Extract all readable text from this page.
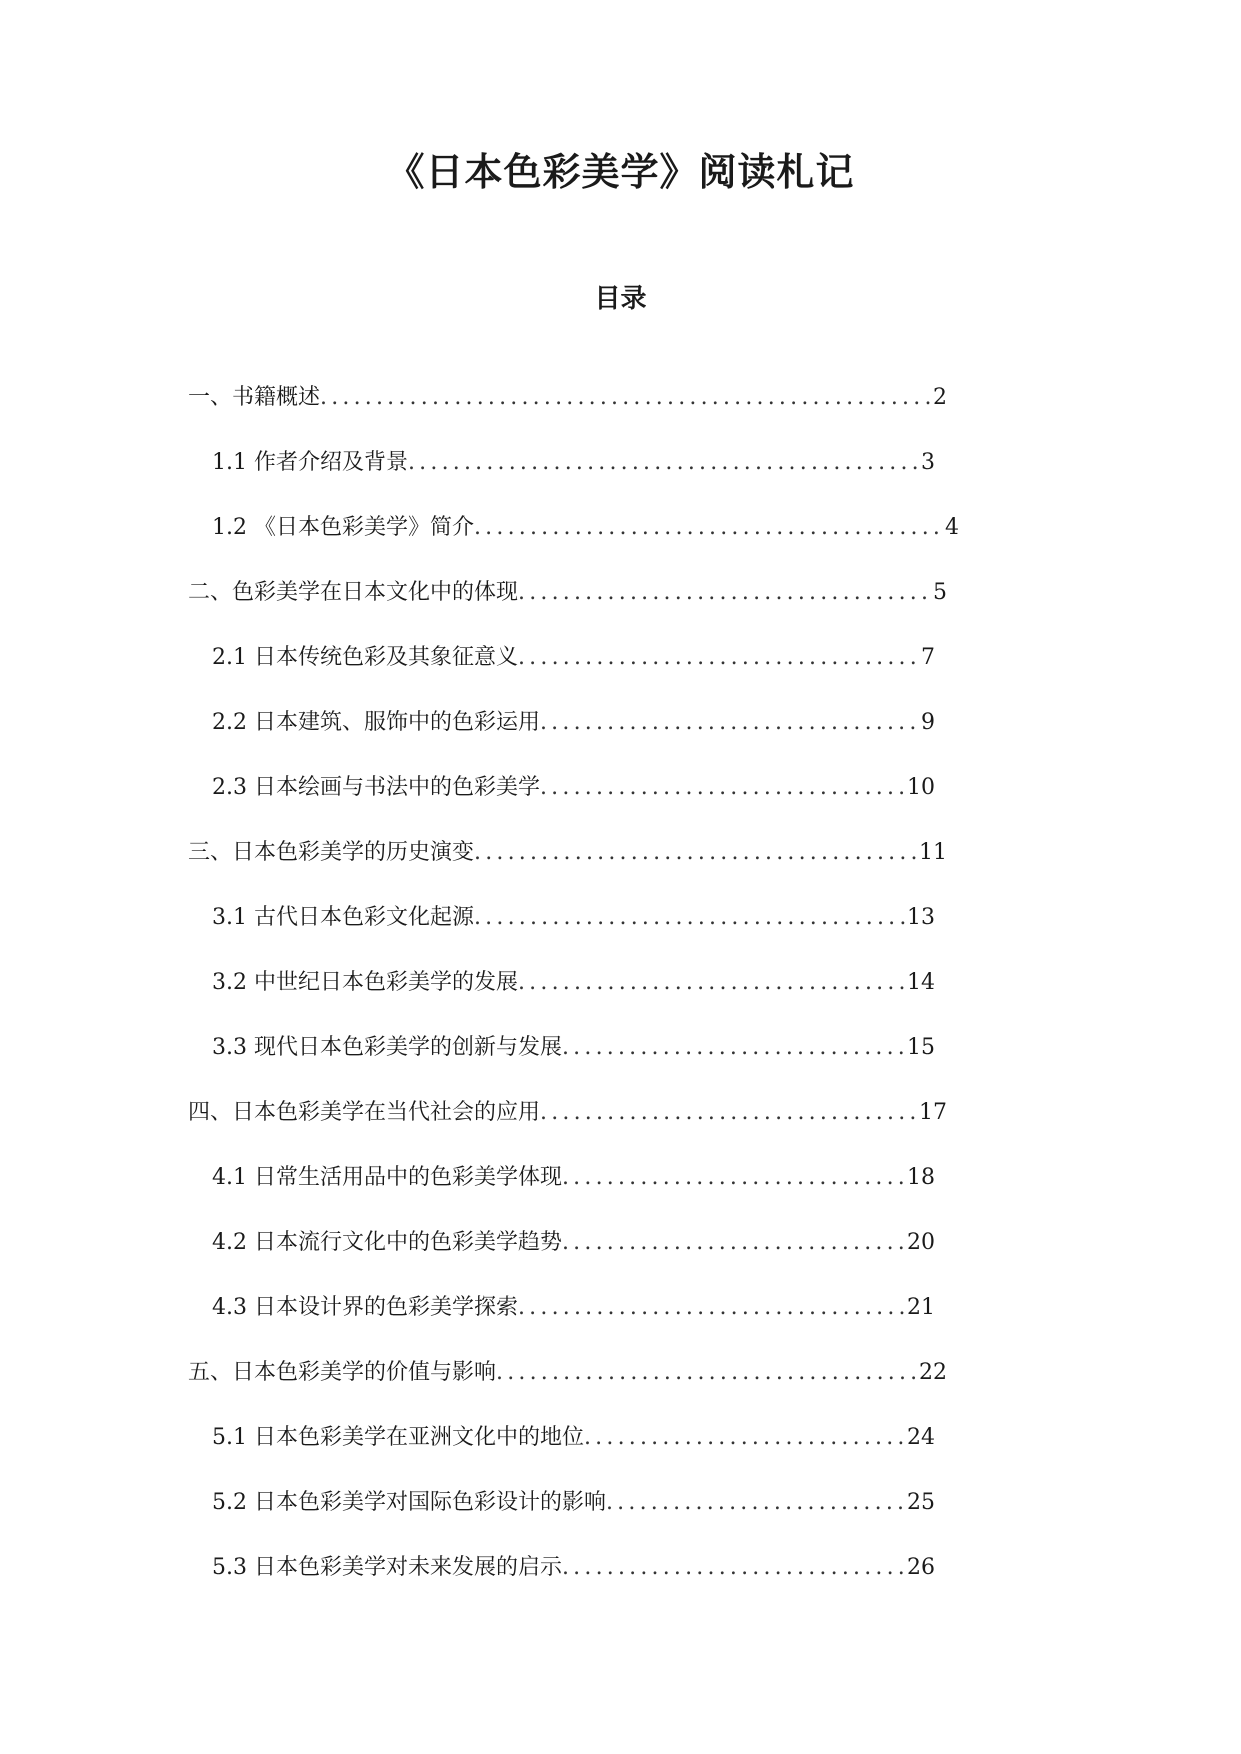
《日本色彩美学》阅读札记
目录
一、书籍概述 .....	2
1.1 作者介绍及背景 .....	3
1.2 《日本色彩美学》简介 .....	4
二、色彩美学在日本文化中的体现 .....	5
2.1 日本传统色彩及其象征意义 .....	7
2.2 日本建筑、服饰中的色彩运用 .....	9
2.3 日本绘画与书法中的色彩美学 .....	10
三、日本色彩美学的历史演变 .....	11
3.1 古代日本色彩文化起源 .....	13
3.2 中世纪日本色彩美学的发展 .....	14
3.3 现代日本色彩美学的创新与发展 .....	15
四、日本色彩美学在当代社会的应用 .....	17
4.1 日常生活用品中的色彩美学体现 .....	18
4.2 日本流行文化中的色彩美学趋势 .....	20
4.3 日本设计界的色彩美学探索 .....	21
五、日本色彩美学的价值与影响 .....	22
5.1 日本色彩美学在亚洲文化中的地位 .....	24
5.2 日本色彩美学对国际色彩设计的影响 .....	25
5.3 日本色彩美学对未来发展的启示 .....	26
